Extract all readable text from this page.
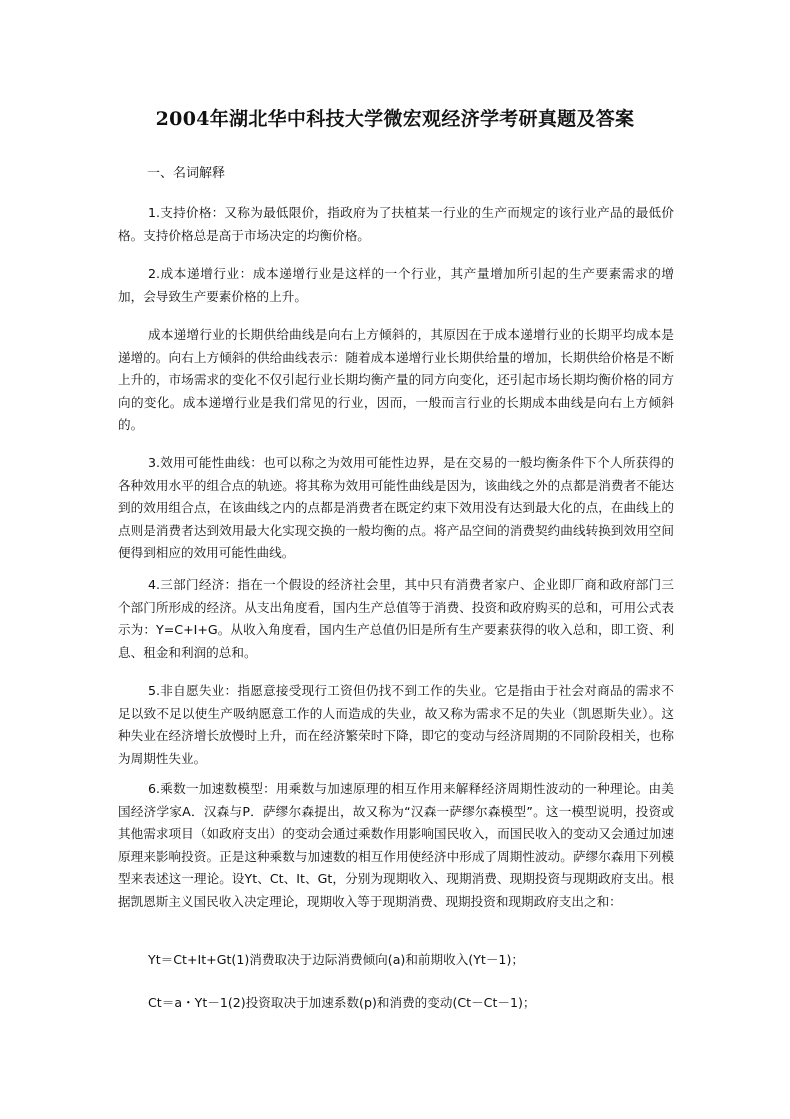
2004年湖北华中科技大学微宏观经济学考研真题及答案
一、名词解释

1.支持价格：又称为最低限价，指政府为了扶植某一行业的生产而规定的该行业产品的最低价格。支持价格总是高于市场决定的均衡价格。

2.成本递增行业：成本递增行业是这样的一个行业，其产量增加所引起的生产要素需求的增加，会导致生产要素价格的上升。

成本递增行业的长期供给曲线是向右上方倾斜的，其原因在于成本递增行业的长期平均成本是递增的。向右上方倾斜的供给曲线表示：随着成本递增行业长期供给量的增加，长期供给价格是不断上升的，市场需求的变化不仅引起行业长期均衡产量的同方向变化，还引起市场长期均衡价格的同方向的变化。成本递增行业是我们常见的行业，因而，一般而言行业的长期成本曲线是向右上方倾斜的。

3.效用可能性曲线：也可以称之为效用可能性边界，是在交易的一般均衡条件下个人所获得的各种效用水平的组合点的轨迹。将其称为效用可能性曲线是因为，该曲线之外的点都是消费者不能达到的效用组合点，在该曲线之内的点都是消费者在既定约束下效用没有达到最大化的点，在曲线上的点则是消费者达到效用最大化实现交换的一般均衡的点。将产品空间的消费契约曲线转换到效用空间便得到相应的效用可能性曲线。

4.三部门经济：指在一个假设的经济社会里，其中只有消费者家户、企业即厂商和政府部门三个部门所形成的经济。从支出角度看，国内生产总值等于消费、投资和政府购买的总和，可用公式表示为：Y=C+I+G。从收入角度看，国内生产总值仍旧是所有生产要素获得的收入总和，即工资、利息、租金和利润的总和。

5.非自愿失业：指愿意接受现行工资但仍找不到工作的失业。它是指由于社会对商品的需求不足以致不足以使生产吸纳愿意工作的人而造成的失业，故又称为需求不足的失业（凯恩斯失业）。这种失业在经济增长放慢时上升，而在经济繁荣时下降，即它的变动与经济周期的不同阶段相关，也称为周期性失业。

6.乘数一加速数模型：用乘数与加速原理的相互作用来解释经济周期性波动的一种理论。由美国经济学家A．汉森与P．萨缪尔森提出，故又称为“汉森一萨缪尔森模型”。这一模型说明，投资或其他需求项目（如政府支出）的变动会通过乘数作用影响国民收入，而国民收入的变动又会通过加速原理来影响投资。正是这种乘数与加速数的相互作用使经济中形成了周期性波动。萨缪尔森用下列模型来表述这一理论。设Yt、Ct、It、Gt，分别为现期收入、现期消费、现期投资与现期政府支出。根据凯恩斯主义国民收入决定理论，现期收入等于现期消费、现期投资和现期政府支出之和：

Yt＝Ct+It+Gt(1)消费取决于边际消费倾向(a)和前期收入(Yt－1)；
Ct＝a・Yt－1(2)投资取决于加速系数(p)和消费的变动(Ct－Ct－1)；
